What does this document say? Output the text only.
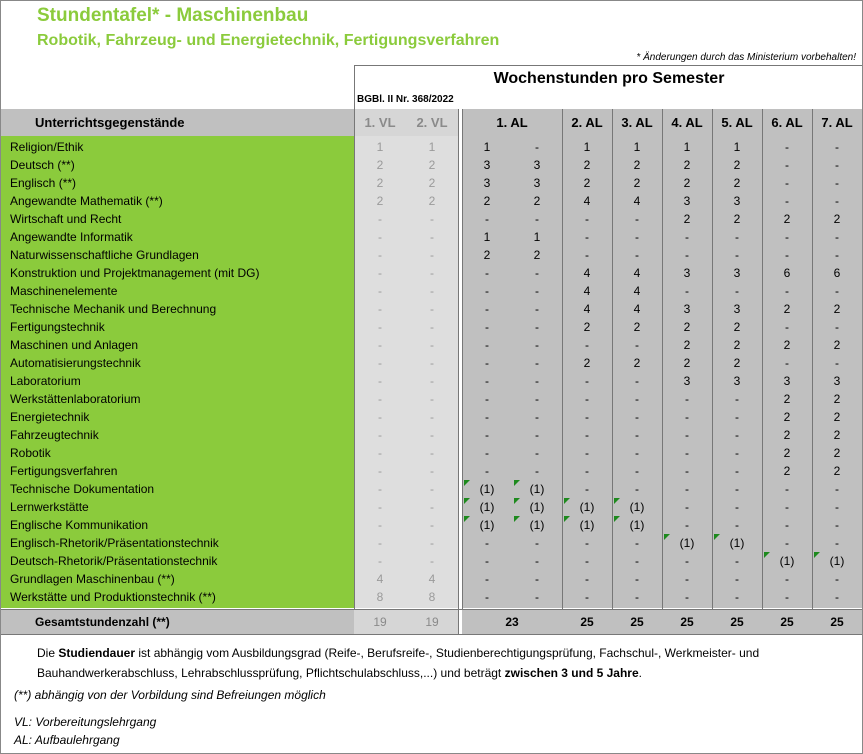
Stundentafel* - Maschinenbau
Robotik, Fahrzeug- und Energietechnik, Fertigungsverfahren
* Änderungen durch das Ministerium vorbehalten!
Wochenstunden pro Semester
BGBl. II Nr. 368/2022
Unterrichtsgegenstände	1. VL	2. VL	1. AL	2. AL	3. AL	4. AL	5. AL	6. AL	7. AL
Religion/Ethik	1	1	1	-	1	1	1	1	-	-
Deutsch (**)	2	2	3	3	2	2	2	2	-	-
Englisch (**)	2	2	3	3	2	2	2	2	-	-
Angewandte Mathematik (**)	2	2	2	2	4	4	3	3	-	-
Wirtschaft und Recht	-	-	-	-	-	-	2	2	2	2
Angewandte Informatik	-	-	1	1	-	-	-	-	-	-
Naturwissenschaftliche Grundlagen	-	-	2	2	-	-	-	-	-	-
Konstruktion und Projektmanagement (mit DG)	-	-	-	-	4	4	3	3	6	6
Maschinenelemente	-	-	-	-	4	4	-	-	-	-
Technische Mechanik und Berechnung	-	-	-	-	4	4	3	3	2	2
Fertigungstechnik	-	-	-	-	2	2	2	2	-	-
Maschinen und Anlagen	-	-	-	-	-	-	2	2	2	2
Automatisierungstechnik	-	-	-	-	2	2	2	2	-	-
Laboratorium	-	-	-	-	-	-	3	3	3	3
Werkstättenlaboratorium	-	-	-	-	-	-	-	-	2	2
Energietechnik	-	-	-	-	-	-	-	-	2	2
Fahrzeugtechnik	-	-	-	-	-	-	-	-	2	2
Robotik	-	-	-	-	-	-	-	-	2	2
Fertigungsverfahren	-	-	-	-	-	-	-	-	2	2
Technische Dokumentation	-	-	(1)	(1)	-	-	-	-	-	-
Lernwerkstätte	-	-	(1)	(1)	(1)	(1)	-	-	-	-
Englische Kommunikation	-	-	(1)	(1)	(1)	(1)	-	-	-	-
Englisch-Rhetorik/Präsentationstechnik	-	-	-	-	-	-	(1)	(1)	-	-
Deutsch-Rhetorik/Präsentationstechnik	-	-	-	-	-	-	-	-	(1)	(1)
Grundlagen Maschinenbau (**)	4	4	-	-	-	-	-	-	-	-
Werkstätte und Produktionstechnik (**)	8	8	-	-	-	-	-	-	-	-
Gesamtstundenzahl (**)	19	19	23	25	25	25	25	25	25
Die Studiendauer ist abhängig vom Ausbildungsgrad (Reife-, Berufsreife-, Studienberechtigungsprüfung, Fachschul-, Werkmeister- und Bauhandwerkerabschluss, Lehrabschlussprüfung, Pflichtschulabschluss,...) und beträgt zwischen 3 und 5 Jahre.
(**) abhängig von der Vorbildung sind Befreiungen möglich
VL: Vorbereitungslehrgang
AL: Aufbaulehrgang
